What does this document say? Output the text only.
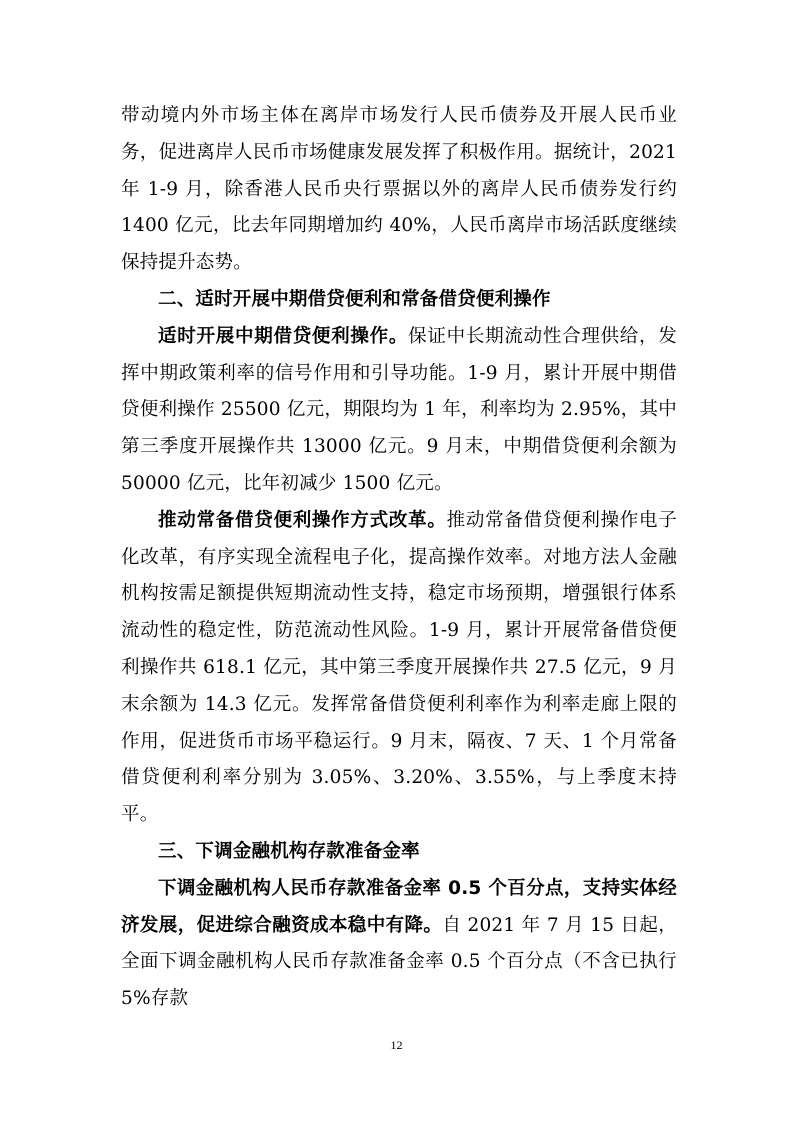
带动境内外市场主体在离岸市场发行人民币债券及开展人民币业务，促进离岸人民币市场健康发展发挥了积极作用。据统计，2021 年 1-9 月，除香港人民币央行票据以外的离岸人民币债券发行约 1400 亿元，比去年同期增加约 40%，人民币离岸市场活跃度继续保持提升态势。

二、适时开展中期借贷便利和常备借贷便利操作

适时开展中期借贷便利操作。保证中长期流动性合理供给，发挥中期政策利率的信号作用和引导功能。1-9 月，累计开展中期借贷便利操作 25500 亿元，期限均为 1 年，利率均为 2.95%，其中第三季度开展操作共 13000 亿元。9 月末，中期借贷便利余额为 50000 亿元，比年初减少 1500 亿元。

推动常备借贷便利操作方式改革。推动常备借贷便利操作电子化改革，有序实现全流程电子化，提高操作效率。对地方法人金融机构按需足额提供短期流动性支持，稳定市场预期，增强银行体系流动性的稳定性，防范流动性风险。1-9 月，累计开展常备借贷便利操作共 618.1 亿元，其中第三季度开展操作共 27.5 亿元，9 月末余额为 14.3 亿元。发挥常备借贷便利利率作为利率走廊上限的作用，促进货币市场平稳运行。9 月末，隔夜、7 天、1 个月常备借贷便利利率分别为 3.05%、3.20%、3.55%，与上季度末持平。

三、下调金融机构存款准备金率

下调金融机构人民币存款准备金率 0.5 个百分点，支持实体经济发展，促进综合融资成本稳中有降。自 2021 年 7 月 15 日起，全面下调金融机构人民币存款准备金率 0.5 个百分点（不含已执行 5%存款

12
